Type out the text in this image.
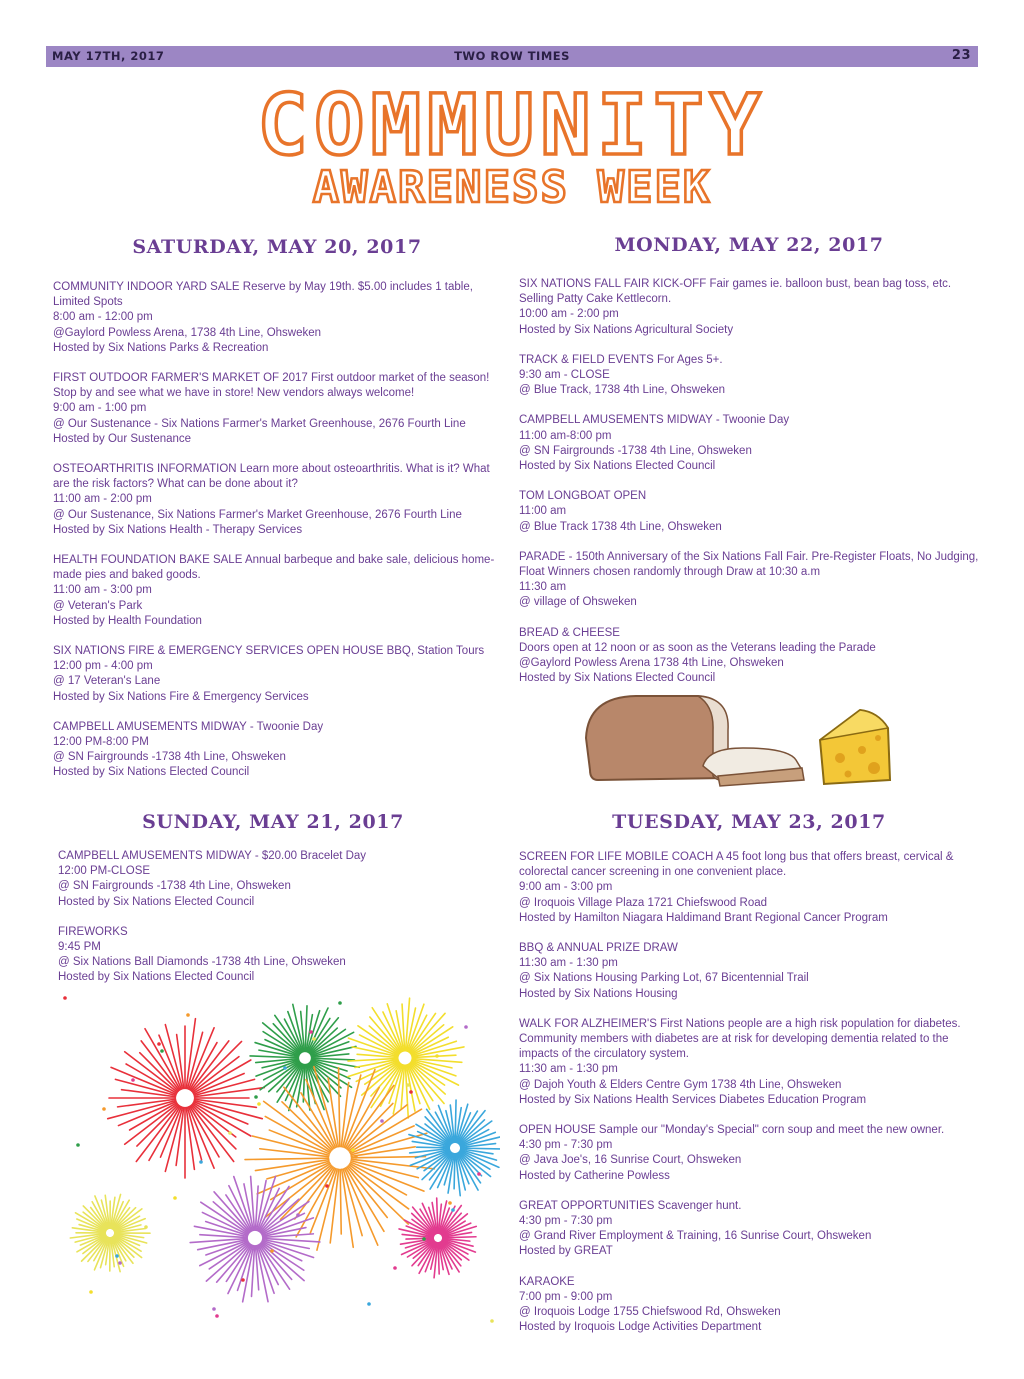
MAY 17TH, 2017	TWO ROW TIMES	23
COMMUNITY
AWARENESS WEEK
SATURDAY, MAY 20, 2017
COMMUNITY INDOOR YARD SALE Reserve by May 19th. $5.00 includes 1 table, Limited Spots
8:00 am - 12:00 pm
@Gaylord Powless Arena, 1738 4th Line, Ohsweken
Hosted by Six Nations Parks & Recreation
FIRST OUTDOOR FARMER'S MARKET OF 2017 First outdoor market of the season! Stop by and see what we have in store! New vendors always welcome!
9:00 am - 1:00 pm
@ Our Sustenance - Six Nations Farmer's Market Greenhouse, 2676 Fourth Line
Hosted by Our Sustenance
OSTEOARTHRITIS INFORMATION Learn more about osteoarthritis. What is it? What are the risk factors? What can be done about it?
11:00 am - 2:00 pm
@ Our Sustenance, Six Nations Farmer's Market Greenhouse, 2676 Fourth Line
Hosted by Six Nations Health - Therapy Services
HEALTH FOUNDATION BAKE SALE Annual barbeque and bake sale, delicious home-made pies and baked goods.
11:00 am - 3:00 pm
@ Veteran's Park
Hosted by Health Foundation
SIX NATIONS FIRE & EMERGENCY SERVICES OPEN HOUSE BBQ, Station Tours
12:00 pm - 4:00 pm
@ 17 Veteran's Lane
Hosted by Six Nations Fire & Emergency Services
CAMPBELL AMUSEMENTS MIDWAY - Twoonie Day
12:00 PM-8:00 PM
@ SN Fairgrounds -1738 4th Line, Ohsweken
Hosted by Six Nations Elected Council
MONDAY, MAY 22, 2017
SIX NATIONS FALL FAIR KICK-OFF Fair games ie. balloon bust, bean bag toss, etc. Selling Patty Cake Kettlecorn.
10:00 am - 2:00 pm
Hosted by Six Nations Agricultural Society
TRACK & FIELD EVENTS For Ages 5+.
9:30 am - CLOSE
@ Blue Track, 1738 4th Line, Ohsweken
CAMPBELL AMUSEMENTS MIDWAY - Twoonie Day
11:00 am-8:00 pm
@ SN Fairgrounds -1738 4th Line, Ohsweken
Hosted by Six Nations Elected Council
TOM LONGBOAT OPEN
11:00 am
@ Blue Track 1738 4th Line, Ohsweken
PARADE - 150th Anniversary of the Six Nations Fall Fair. Pre-Register Floats, No Judging, Float Winners chosen randomly through Draw at 10:30 a.m
11:30 am
@ village of Ohsweken
BREAD & CHEESE
Doors open at 12 noon or as soon as the Veterans leading the Parade
@Gaylord Powless Arena 1738 4th Line, Ohsweken
Hosted by Six Nations Elected Council
SUNDAY, MAY 21, 2017
CAMPBELL AMUSEMENTS MIDWAY - $20.00 Bracelet Day
12:00 PM-CLOSE
@ SN Fairgrounds -1738 4th Line, Ohsweken
Hosted by Six Nations Elected Council
FIREWORKS
9:45 PM
@ Six Nations Ball Diamonds -1738 4th Line, Ohsweken
Hosted by Six Nations Elected Council
TUESDAY, MAY 23, 2017
SCREEN FOR LIFE MOBILE COACH A 45 foot long bus that offers breast, cervical & colorectal cancer screening in one convenient place.
9:00 am - 3:00 pm
@ Iroquois Village Plaza 1721 Chiefswood Road
Hosted by Hamilton Niagara Haldimand Brant Regional Cancer Program
BBQ & ANNUAL PRIZE DRAW
11:30 am - 1:30 pm
@ Six Nations Housing Parking Lot, 67 Bicentennial Trail
Hosted by Six Nations Housing
WALK FOR ALZHEIMER'S First Nations people are a high risk population for diabetes. Community members with diabetes are at risk for developing dementia related to the impacts of the circulatory system.
11:30 am - 1:30 pm
@ Dajoh Youth & Elders Centre Gym 1738 4th Line, Ohsweken
Hosted by Six Nations Health Services Diabetes Education Program
OPEN HOUSE Sample our "Monday's Special" corn soup and meet the new owner.
4:30 pm - 7:30 pm
@ Java Joe's, 16 Sunrise Court, Ohsweken
Hosted by Catherine Powless
GREAT OPPORTUNITIES Scavenger hunt.
4:30 pm - 7:30 pm
@ Grand River Employment & Training, 16 Sunrise Court, Ohsweken
Hosted by GREAT
KARAOKE
7:00 pm - 9:00 pm
@ Iroquois Lodge 1755 Chiefswood Rd, Ohsweken
Hosted by Iroquois Lodge Activities Department
